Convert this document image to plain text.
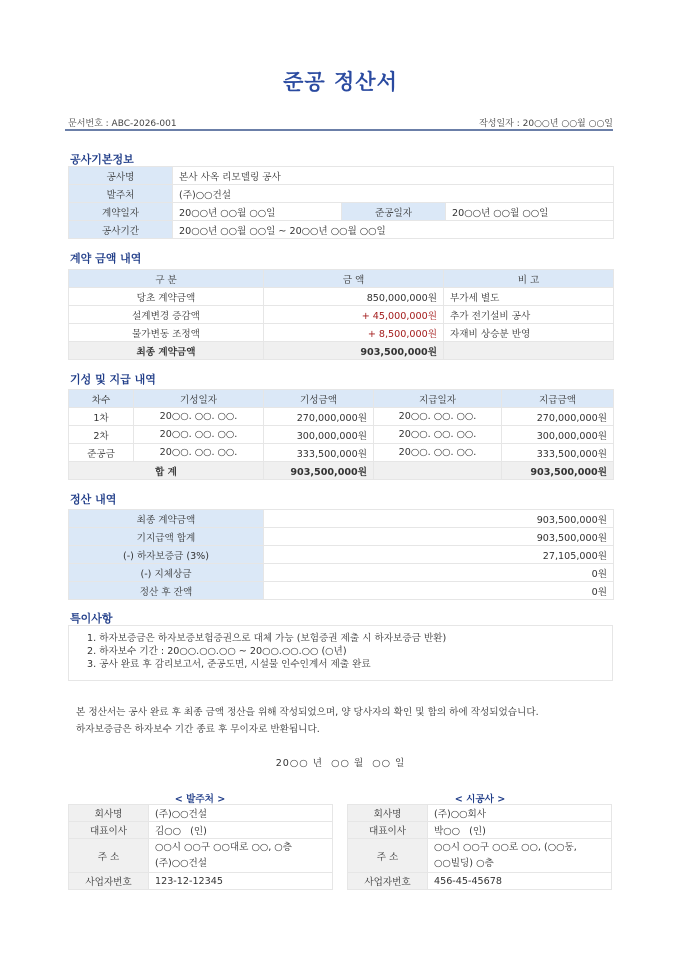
준공 정산서
문서번호 : ABC-2026-001	작성일자 : 20○○년 ○○월 ○○일
공사기본정보
공사명	본사 사옥 리모델링 공사		
발주처	(주)○○건설		
계약일자	20○○년 ○○월 ○○일	준공일자	20○○년 ○○월 ○○일
공사기간	20○○년 ○○월 ○○일 ~ 20○○년 ○○월 ○○일		
계약 금액 내역
구 분	금 액	비 고
당초 계약금액	850,000,000원	부가세 별도
설계변경 증감액	+ 45,000,000원	추가 전기설비 공사
물가변동 조정액	+ 8,500,000원	자재비 상승분 반영
최종 계약금액	903,500,000원	
기성 및 지급 내역
차수	기성일자	기성금액	지급일자	지급금액
1차	20○○. ○○. ○○.	270,000,000원	20○○. ○○. ○○.	270,000,000원
2차	20○○. ○○. ○○.	300,000,000원	20○○. ○○. ○○.	300,000,000원
준공금	20○○. ○○. ○○.	333,500,000원	20○○. ○○. ○○.	333,500,000원
합 계		903,500,000원		903,500,000원
정산 내역
최종 계약금액	903,500,000원
기지급액 합계	903,500,000원
(-) 하자보증금 (3%)	27,105,000원
(-) 지체상금	0원
정산 후 잔액	0원
특이사항
1. 하자보증금은 하자보증보험증권으로 대체 가능 (보험증권 제출 시 하자보증금 반환)
2. 하자보수 기간 : 20○○.○○.○○ ~ 20○○.○○.○○ (○년)
3. 공사 완료 후 감리보고서, 준공도면, 시설물 인수인계서 제출 완료
본 정산서는 공사 완료 후 최종 금액 정산을 위해 작성되었으며, 양 당사자의 확인 및 합의 하에 작성되었습니다.
하자보증금은 하자보수 기간 종료 후 무이자로 반환됩니다.
20○○ 년  ○○ 월  ○○ 일
< 발주처 >
회사명	(주)○○건설
대표이사	김○○   (인)
주 소	○○시 ○○구 ○○대로 ○○, ○층
(주)○○건설

사업자번호	123-12-12345
< 시공사 >
회사명	(주)○○회사
대표이사	박○○   (인)
주 소	○○시 ○○구 ○○로 ○○, (○○동,
○○빌딩) ○층

사업자번호	456-45-45678
